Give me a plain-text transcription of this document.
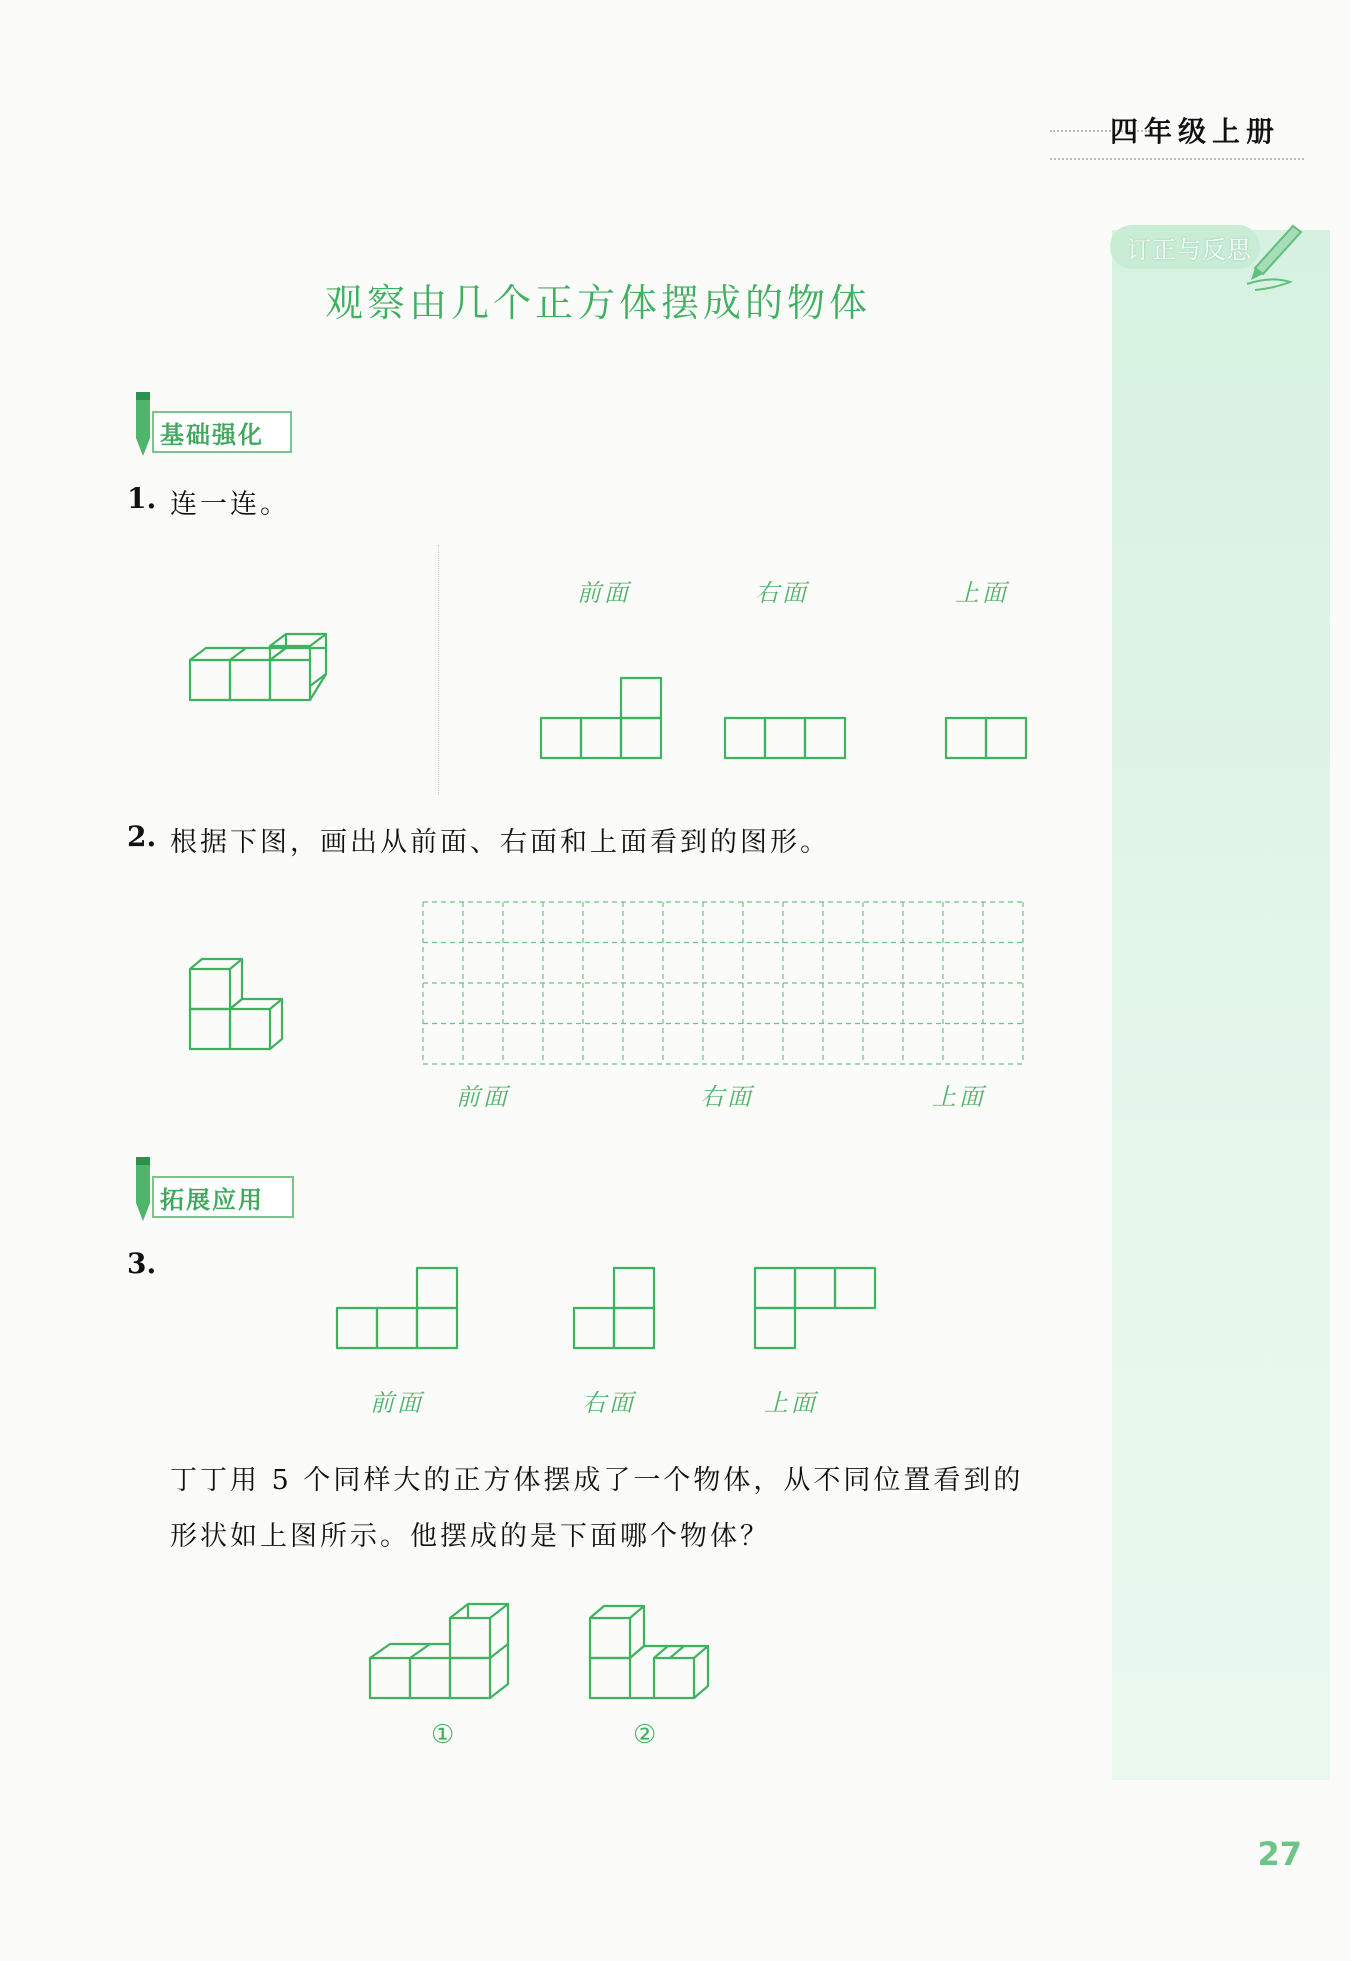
四年级上册
订正与反思
观察由几个正方体摆成的物体
基础强化
1. 连一连。
前面	右面	上面
2. 根据下图，画出从前面、右面和上面看到的图形。
前面	右面	上面
拓展应用
3.
前面	右面	上面
丁丁用 5 个同样大的正方体摆成了一个物体，从不同位置看到的
形状如上图所示。他摆成的是下面哪个物体？
①	②
27
